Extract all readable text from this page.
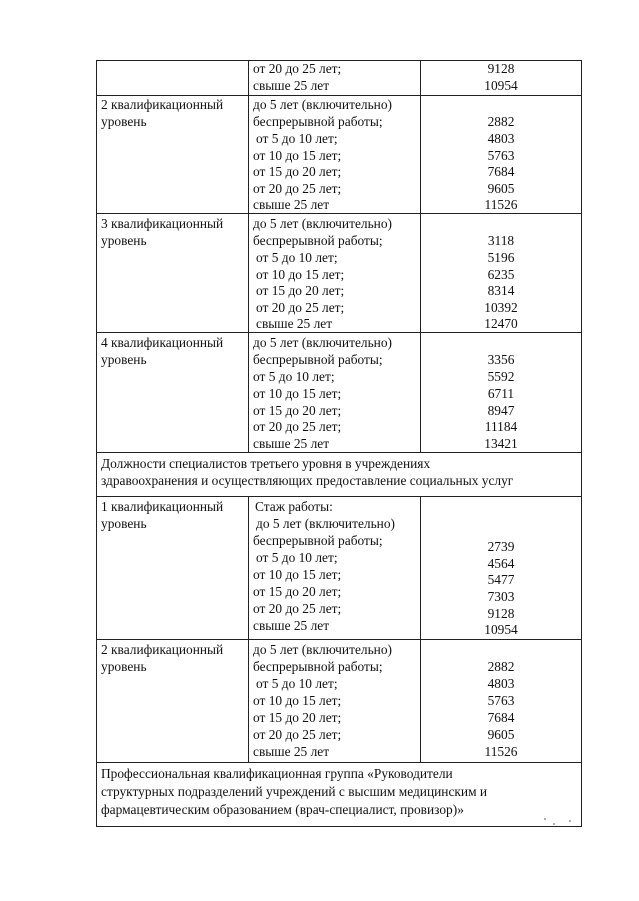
от 20 до 25 лет;	9128
свыше 25 лет	10954
2 квалификационный
уровень
до 5 лет (включительно)
беспрерывной работы;	2882
от 5 до 10 лет;	4803
от 10 до 15 лет;	5763
от 15 до 20 лет;	7684
от 20 до 25 лет;	9605
свыше 25 лет	11526
3 квалификационный
уровень
до 5 лет (включительно)
беспрерывной работы;	3118
от 5 до 10 лет;	5196
от 10 до 15 лет;	6235
от 15 до 20 лет;	8314
от 20 до 25 лет;	10392
свыше 25 лет	12470
4 квалификационный
уровень
до 5 лет (включительно)
беспрерывной работы;	3356
от 5 до 10 лет;	5592
от 10 до 15 лет;	6711
от 15 до 20 лет;	8947
от 20 до 25 лет;	11184
свыше 25 лет	13421
Должности специалистов третьего уровня в учреждениях
здравоохранения и осуществляющих предоставление социальных услуг
1 квалификационный
уровень
Стаж работы:
до 5 лет (включительно)
беспрерывной работы;	2739
от 5 до 10 лет;	4564
от 10 до 15 лет;	5477
от 15 до 20 лет;	7303
от 20 до 25 лет;	9128
свыше 25 лет	10954
2 квалификационный
уровень
до 5 лет (включительно)
беспрерывной работы;	2882
от 5 до 10 лет;	4803
от 10 до 15 лет;	5763
от 15 до 20 лет;	7684
от 20 до 25 лет;	9605
свыше 25 лет	11526
Профессиональная квалификационная группа «Руководители
структурных подразделений учреждений с высшим медицинским и
фармацевтическим образованием (врач-специалист, провизор)»
